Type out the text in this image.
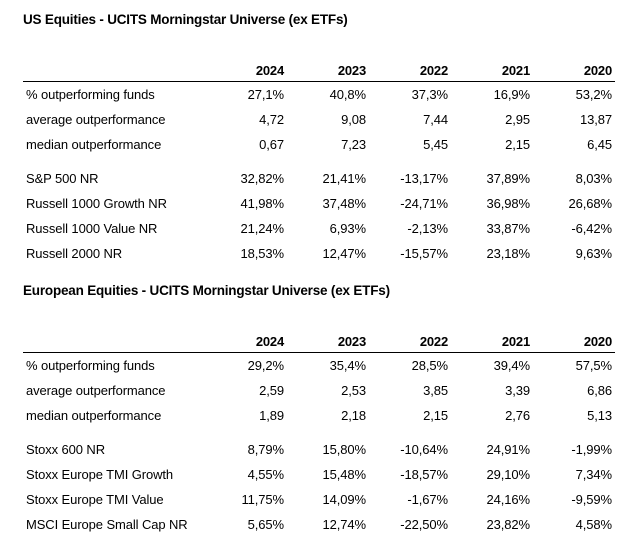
US Equities - UCITS Morningstar Universe (ex ETFs)
	2024	2023	2022	2021	2020
% outperforming funds	27,1%	40,8%	37,3%	16,9%	53,2%
average outperformance	4,72	9,08	7,44	2,95	13,87
median outperformance	0,67	7,23	5,45	2,15	6,45

S&P 500 NR	32,82%	21,41%	-13,17%	37,89%	8,03%
Russell 1000 Growth NR	41,98%	37,48%	-24,71%	36,98%	26,68%
Russell 1000 Value NR	21,24%	6,93%	-2,13%	33,87%	-6,42%
Russell 2000 NR	18,53%	12,47%	-15,57%	23,18%	9,63%
European Equities - UCITS Morningstar Universe (ex ETFs)
	2024	2023	2022	2021	2020
% outperforming funds	29,2%	35,4%	28,5%	39,4%	57,5%
average outperformance	2,59	2,53	3,85	3,39	6,86
median outperformance	1,89	2,18	2,15	2,76	5,13

Stoxx 600 NR	8,79%	15,80%	-10,64%	24,91%	-1,99%
Stoxx Europe TMI Growth	4,55%	15,48%	-18,57%	29,10%	7,34%
Stoxx Europe TMI Value	11,75%	14,09%	-1,67%	24,16%	-9,59%
MSCI Europe Small Cap NR	5,65%	12,74%	-22,50%	23,82%	4,58%
